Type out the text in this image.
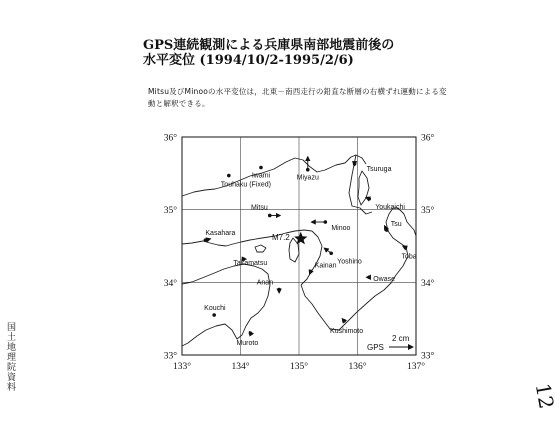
GPS連続観測による兵庫県南部地震前後の
水平変位 (1994/10/2-1995/2/6)
Mitsu及びMinooの水平変位は，北東－南西走行の鉛直な断層の右横ずれ運動による変動と解釈できる。
国土地理院資料
12
36°	36°
35°	35°
34°	34°
33°	33°
133°	134°	135°	136°	137°
Tsuruga
Iwami	Miyazu
Touhaku (Fixed)
Youkaichi
Mitsu
Minoo
Tsu
Kasahara
Takamatsu	Yoshino
Toba
Kainan
Owase
Anan
Kouchi
Muroto
Kushimoto
M7.2
2 cm
GPS
